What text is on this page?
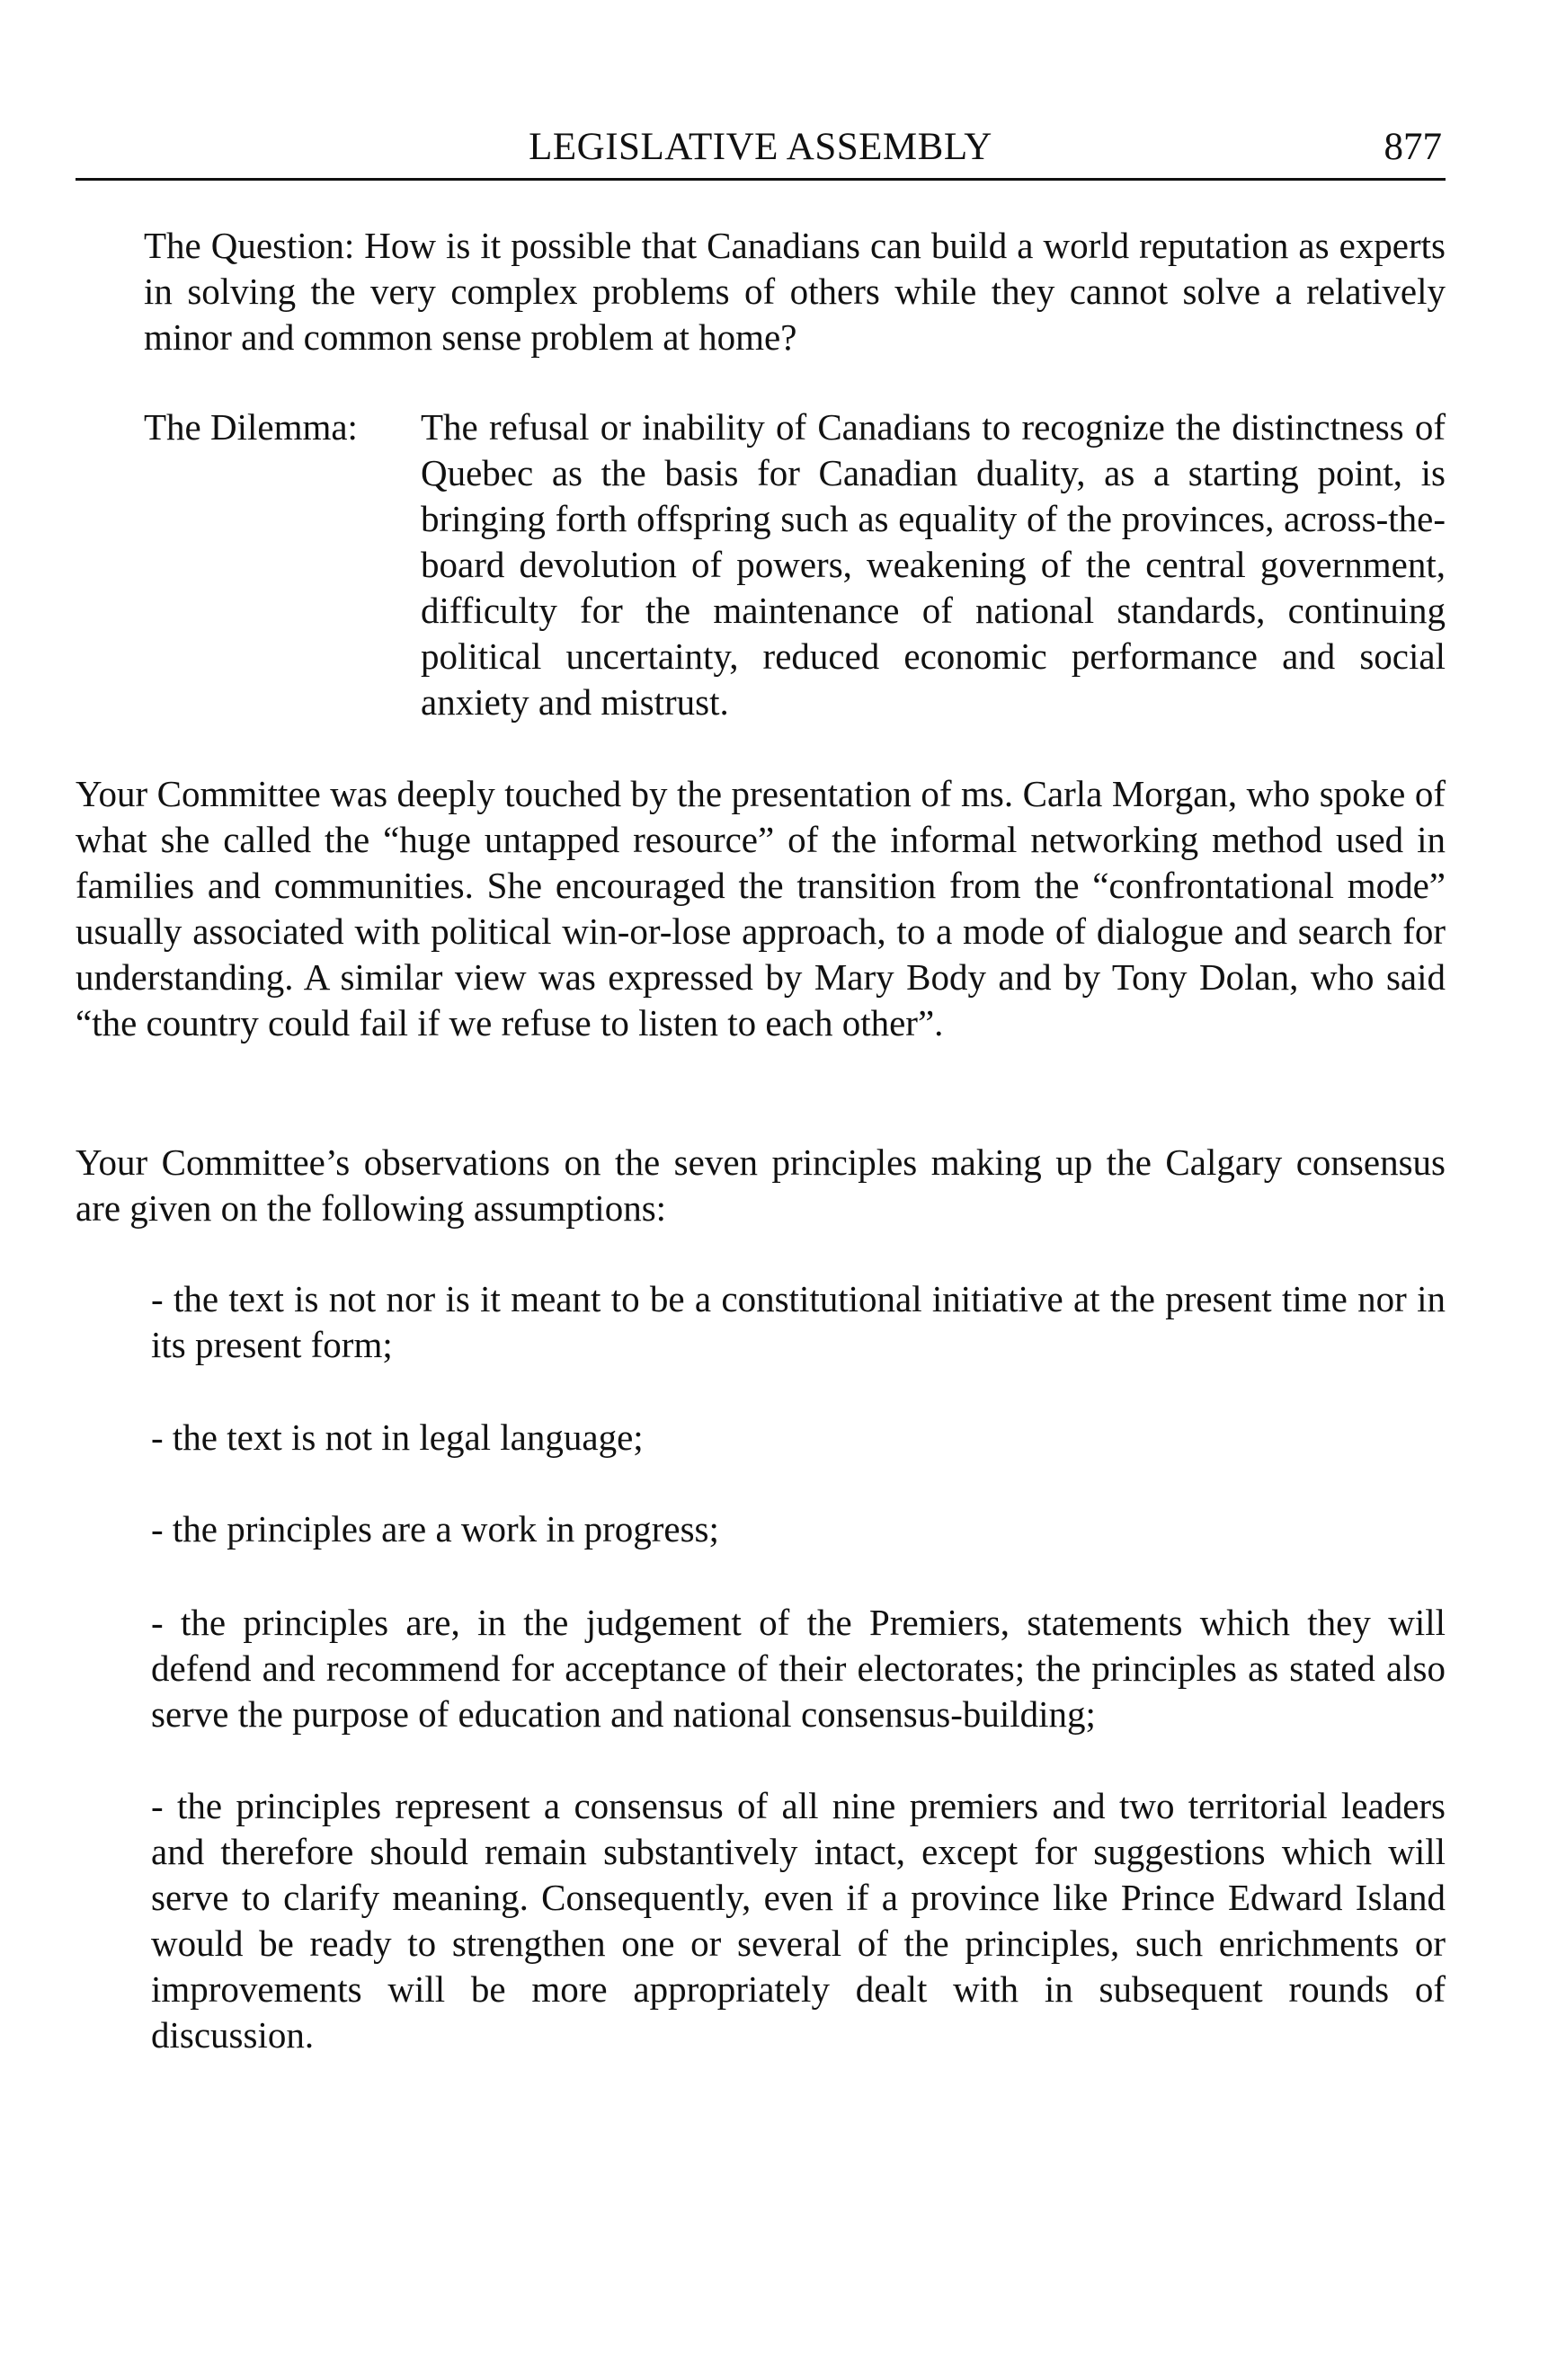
LEGISLATIVE ASSEMBLY	877

The Question: How is it possible that Canadians can build a world reputation as experts in solving the very complex problems of others while they cannot solve a relatively minor and common sense problem at home?

The Dilemma:	The refusal or inability of Canadians to recognize the distinctness of Quebec as the basis for Canadian duality, as a starting point, is bringing forth offspring such as equality of the provinces, across-the-board devolution of powers, weakening of the central government, difficulty for the maintenance of national standards, continuing political uncertainty, reduced economic performance and social anxiety and mistrust.

Your Committee was deeply touched by the presentation of ms. Carla Morgan, who spoke of what she called the “huge untapped resource” of the informal networking method used in families and communities. She encouraged the transition from the “confrontational mode” usually associated with political win-or-lose approach, to a mode of dialogue and search for understanding. A similar view was expressed by Mary Body and by Tony Dolan, who said “the country could fail if we refuse to listen to each other”.

Your Committee’s observations on the seven principles making up the Calgary consensus are given on the following assumptions:

- the text is not nor is it meant to be a constitutional initiative at the present time nor in its present form;

- the text is not in legal language;

- the principles are a work in progress;

- the principles are, in the judgement of the Premiers, statements which they will defend and recommend for acceptance of their electorates; the principles as stated also serve the purpose of education and national consensus-building;

- the principles represent a consensus of all nine premiers and two territorial leaders and therefore should remain substantively intact, except for suggestions which will serve to clarify meaning. Consequently, even if a province like Prince Edward Island would be ready to strengthen one or several of the principles, such enrichments or improvements will be more appropriately dealt with in subsequent rounds of discussion.
